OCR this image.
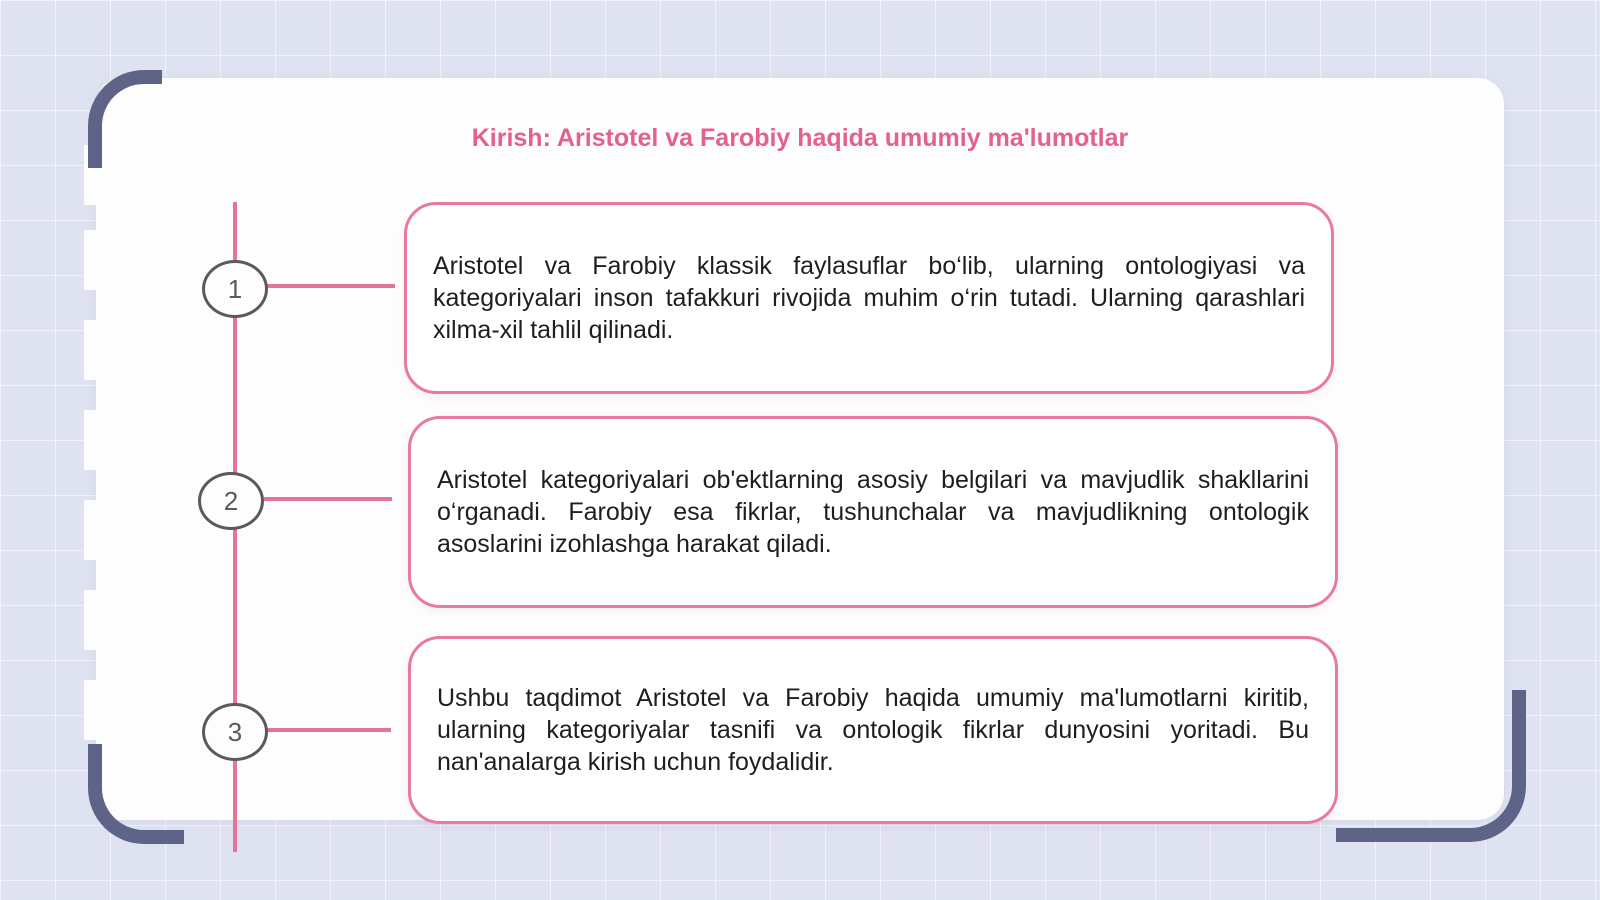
Kirish: Aristotel va Farobiy haqida umumiy ma'lumotlar
1

Aristotel va Farobiy klassik faylasuflar bo‘lib, ularning ontologiyasi va kategoriyalari inson tafakkuri rivojida muhim o‘rin tutadi. Ularning qarashlari xilma-xil tahlil qilinadi.

2

Aristotel kategoriyalari ob'ektlarning asosiy belgilari va mavjudlik shakllarini o‘rganadi. Farobiy esa fikrlar, tushunchalar va mavjudlikning ontologik asoslarini izohlashga harakat qiladi.

3

Ushbu taqdimot Aristotel va Farobiy haqida umumiy ma'lumotlarni kiritib, ularning kategoriyalar tasnifi va ontologik fikrlar dunyosini yoritadi. Bu nan'analarga kirish uchun foydalidir.
